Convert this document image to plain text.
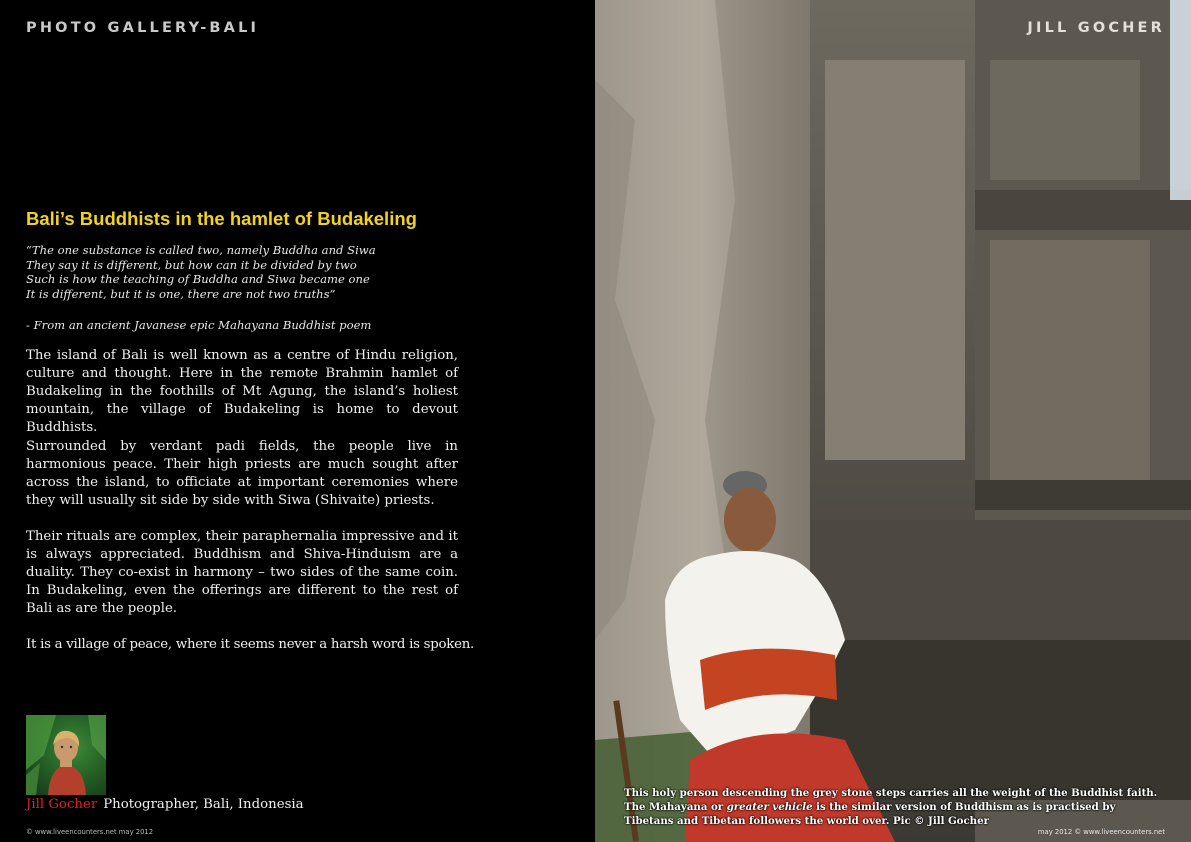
PHOTO GALLERY-BALI
Bali’s Buddhists in the hamlet of Budakeling
“The one substance is called two, namely Buddha and Siwa
They say it is different, but how can it be divided by two
Such is how the teaching of Buddha and Siwa became one
It is different, but it is one, there are not two truths”
- From an ancient Javanese epic Mahayana Buddhist poem

The island of Bali is well known as a centre of Hindu religion, culture and thought. Here in the remote Brahmin hamlet of Budakeling in the foothills of Mt Agung, the island’s holiest mountain, the village of Budakeling is home to devout Buddhists.

Surrounded by verdant padi fields, the people live in harmonious peace. Their high priests are much sought after across the island, to officiate at important ceremonies where they will usually sit side by side with Siwa (Shivaite) priests.

Their rituals are complex, their paraphernalia impressive and it is always appreciated. Buddhism and Shiva-Hinduism are a duality. They co-exist in harmony – two sides of the same coin. In Budakeling, even the offerings are different to the rest of Bali as are the people.

It is a village of peace, where it seems never a harsh word is spoken.

Jill Gocher Photographer, Bali, Indonesia
© www.liveencounters.net may 2012
JILL GOCHER
This holy person descending the grey stone steps carries all the weight of the Buddhist faith. The Mahayana or greater vehicle is the similar version of Buddhism as is practised by Tibetans and Tibetan followers the world over. Pic © Jill Gocher
may 2012 © www.liveencounters.net
